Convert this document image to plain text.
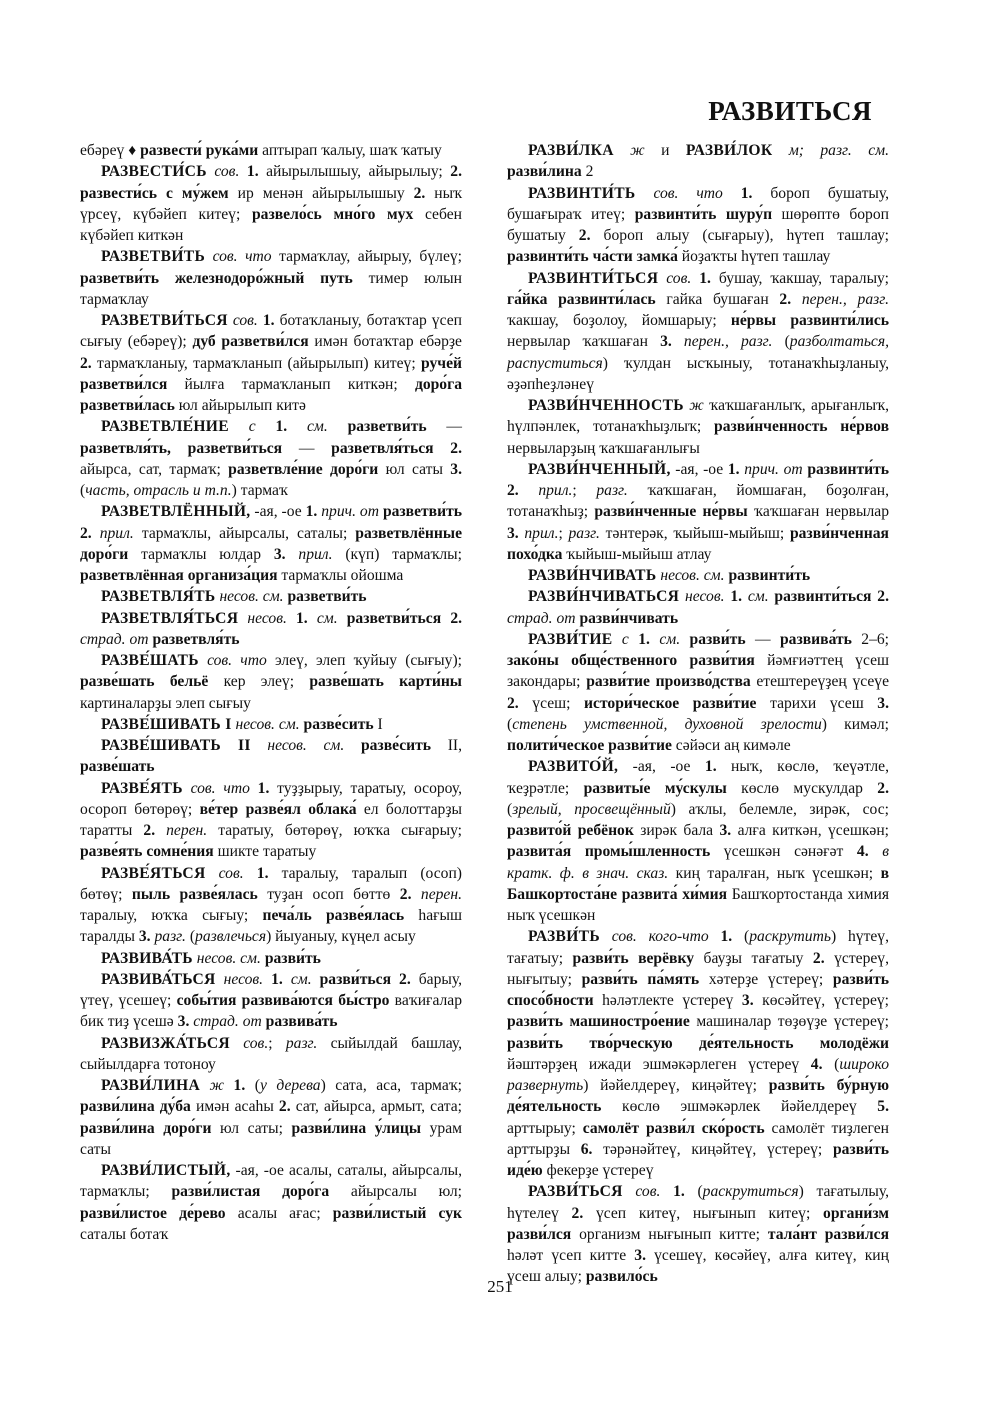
РАЗВИТЬСЯ

ебәреү ♦ развести́ рука́ми аптырап ҡалыу, шаҡ ҡатыу

РАЗВЕСТИ́СЬ сов. 1. айырылышыу, айырылыу; 2. развести́сь с му́жем ир менән айырылышыу 2. ныҡ үрсеү, күбәйеп китеү; развело́сь мно́го мух себен күбәйеп киткән

РАЗВЕТВИ́ТЬ сов. что тармаҡлау, айырыу, бүлеү; разветви́ть железнодоро́жный путь тимер юлын тармаҡлау

РАЗВЕТВИ́ТЬСЯ сов. 1. ботаҡланыу, ботаҡтар үсеп сығыу (ебәреү); дуб разветви́лся имән ботаҡтар ебәрҙе 2. тармаҡланыу, тармаҡланып (айырылып) китеү; руче́й разветви́лся йылға тармаҡланып киткән; доро́га разветви́лась юл айырылып китә

РАЗВЕТВЛЕ́НИЕ с 1. см. разветви́ть — разветвля́ть, разветви́ться — разветвля́ться 2. айырса, сат, тармаҡ; разветвле́ние доро́ги юл саты 3. (часть, отрасль и т.п.) тармаҡ

РАЗВЕТВЛЁННЫЙ, -ая, -ое 1. прич. от разветви́ть 2. прил. тармаҡлы, айырсалы, саталы; разветвлённые доро́ги тармаҡлы юлдар 3. прил. (күп) тармаҡлы; разветвлённая организа́ция тармаҡлы ойошма

РАЗВЕТВЛЯ́ТЬ несов. см. разветви́ть

РАЗВЕТВЛЯ́ТЬСЯ несов. 1. см. разветви́ться 2. страд. от разветвля́ть

РАЗВЕ́ШАТЬ сов. что элеү, элеп ҡуйыу (сығыу); разве́шать бельё кер элеү; разве́шать карти́ны картиналарҙы элеп сығыу

РАЗВЕ́ШИВАТЬ I несов. см. разве́сить I

РАЗВЕ́ШИВАТЬ II несов. см. разве́сить II, разве́шать

РАЗВЕ́ЯТЬ сов. что 1. туҙҙырыу, таратыу, осороу, осороп бөтөрөү; ве́тер разве́ял облака́ ел болоттарҙы таратты 2. перен. таратыу, бөтөрөү, юҡҡа сығарыу; разве́ять сомне́ния шикте таратыу

РАЗВЕ́ЯТЬСЯ сов. 1. таралыу, таралып (осоп) бөтөү; пыль разве́ялась туҙан осоп бөттө 2. перен. таралыу, юҡҡа сығыу; печа́ль разве́ялась һағыш таралды 3. разг. (развлечься) йыуаныу, күңел асыу

РАЗВИВА́ТЬ несов. см. разви́ть

РАЗВИВА́ТЬСЯ несов. 1. см. разви́ться 2. барыу, үтеү, үсешеү; собы́тия развива́ются бы́стро ваҡиғалар бик тиҙ үсешә 3. страд. от развива́ть

РАЗВИЗЖА́ТЬСЯ сов.; разг. сыйылдай башлау, сыйылдарға тотоноу

РАЗВИ́ЛИНА ж 1. (у дерева) сата, аса, тармаҡ; разви́лина ду́ба имән асаһы 2. сат, айырса, армыт, сата; разви́лина доро́ги юл саты; разви́лина у́лицы урам саты

РАЗВИ́ЛИСТЫЙ, -ая, -ое асалы, саталы, айырсалы, тармаҡлы; разви́листая доро́га айырсалы юл; разви́листое де́рево асалы ағас; разви́листый сук саталы ботаҡ

РАЗВИ́ЛКА ж и РАЗВИ́ЛОК м; разг. см. разви́лина 2

РАЗВИНТИ́ТЬ сов. что 1. бороп бушатыу, бушағыраҡ итеү; развинти́ть шуру́п шөрөптө бороп бушатыу 2. бороп алыу (сығарыу), һүтеп ташлау; развинти́ть ча́сти замка́ йоҙаҡты һүтеп ташлау

РАЗВИНТИ́ТЬСЯ сов. 1. бушау, ҡакшау, таралыу; га́йка развинти́лась гайка бушаған 2. перен., разг. ҡакшау, боҙолоу, йомшарыу; не́рвы развинти́лись нервылар ҡаҡшаған 3. перен., разг. (разболтаться, распуститься) ҡулдан ысҡыныу, тотанаҡһыҙланыу, әҙәпһеҙләнеү

РАЗВИ́НЧЕННОСТЬ ж ҡаҡшағанлыҡ, арығанлыҡ, һүлпәнлек, тотанаҡһыҙлыҡ; разви́нченность не́рвов нервыларҙың ҡаҡшағанлығы

РАЗВИ́НЧЕННЫЙ, -ая, -ое 1. прич. от развинти́ть 2. прил.; разг. ҡаҡшаған, йомшаған, боҙолған, тотанаҡһыҙ; разви́нченные не́рвы ҡаҡшаған нервылар 3. прил.; разг. тәнтерәк, ҡыйыш-мыйыш; разви́нченная похо́дка ҡыйыш-мыйыш атлау

РАЗВИ́НЧИВАТЬ несов. см. развинти́ть

РАЗВИ́НЧИВАТЬСЯ несов. 1. см. развинти́ться 2. страд. от разви́нчивать

РАЗВИ́ТИЕ с 1. см. разви́ть — развива́ть 2–6; зако́ны обще́ственного разви́тия йәмғиәттең үсеш закондары; разви́тие произво́дства етештереүҙең үсеүе 2. үсеш; истори́ческое разви́тие тарихи үсеш 3. (степень умственной, духовной зрелости) кимәл; полити́ческое разви́тие сәйәси аң кимәле

РАЗВИТО́Й, -ая, -ое 1. ныҡ, көслө, ҡеүәтле, ҡеҙрәтле; развиты́е му́скулы көслө мускулдар 2. (зрелый, просвещённый) аҡлы, белемле, зирәк, сос; развито́й ребёнок зирәк бала 3. алға киткән, үсешкән; развита́я промы́шленность үсешкән сәнәғәт 4. в кратк. ф. в знач. сказ. киң таралған, ныҡ үсешкән; в Башкортоста́не развита́ хи́мия Башҡортостанда химия ныҡ үсешкән

РАЗВИ́ТЬ сов. кого-что 1. (раскрутить) һүтеү, тағатыу; разви́ть верёвку бауҙы тағатыу 2. үстереү, нығытыу; разви́ть па́мять хәтерҙе үстереү; разви́ть спосо́бности һәләтлекте үстереү 3. көсәйтеү, үстереү; разви́ть машиностро́ение машиналар төҙөүҙе үстереү; разви́ть тво́рческую де́ятельность молодёжи йәштәрҙең ижади эшмәкәрлеген үстереү 4. (широко развернуть) йәйелдереү, киңәйтеү; разви́ть бу́рную де́ятельность көслө эшмәкәрлек йәйелдереү 5. арттырыу; самолёт разви́л ско́рость самолёт тиҙлеген арттырҙы 6. тәрәнәйтеү, киңәйтеү, үстереү; разви́ть иде́ю фекерҙе үстереү

РАЗВИ́ТЬСЯ сов. 1. (раскрутиться) тағатылыу, һүтелеү 2. үсеп китеү, нығынып китеү; органи́зм разви́лся организм нығынып китте; тала́нт разви́лся һәләт үсеп китте 3. үсешеү, көсәйеү, алға китеү, киң үсеш алыу; развило́сь

251
